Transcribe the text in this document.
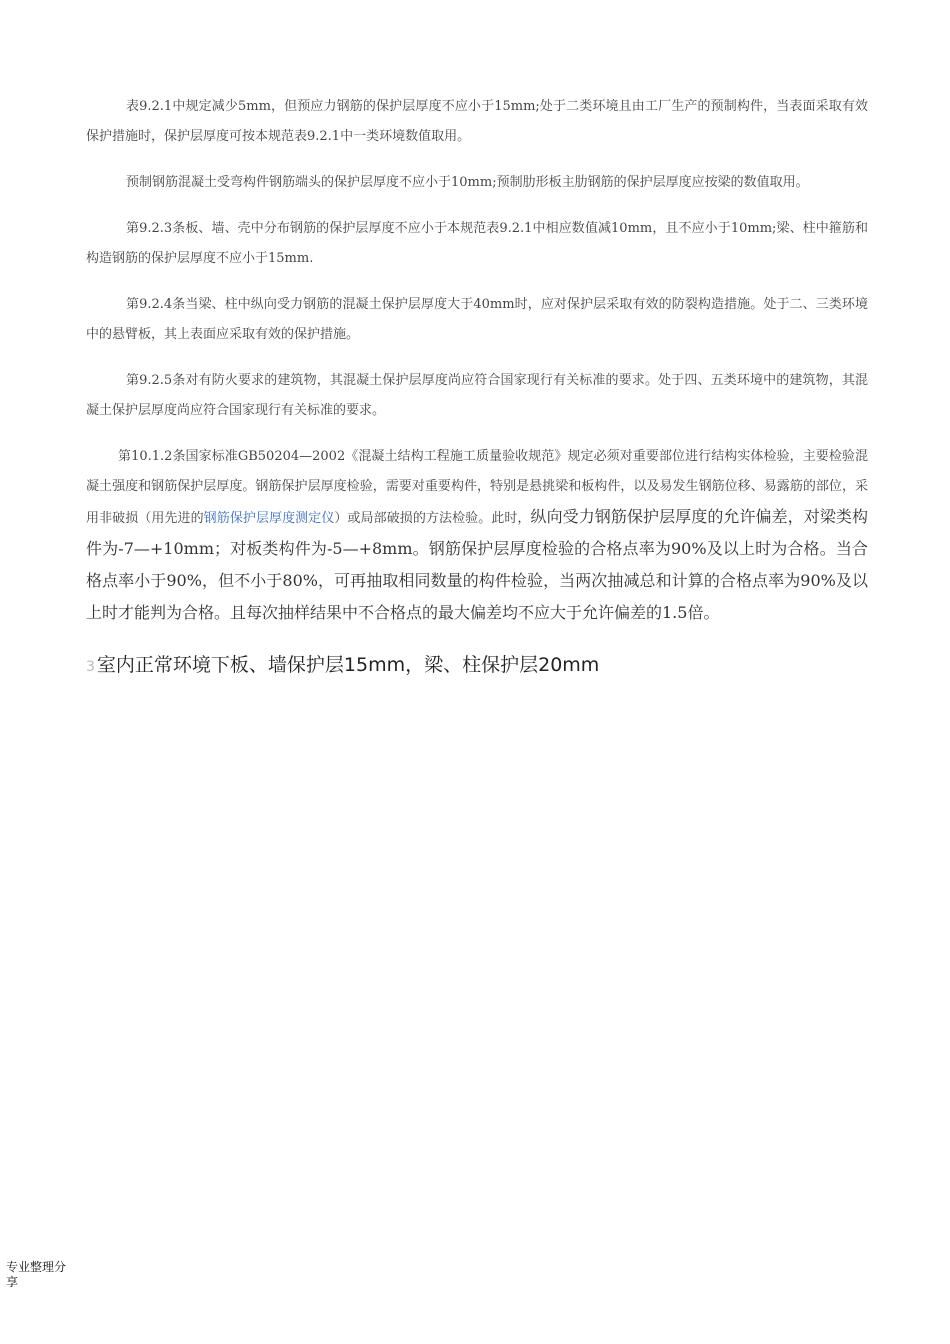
表9.2.1中规定减少5mm，但预应力钢筋的保护层厚度不应小于15mm;处于二类环境且由工厂生产的预制构件，当表面采取有效保护措施时，保护层厚度可按本规范表9.2.1中一类环境数值取用。

预制钢筋混凝土受弯构件钢筋端头的保护层厚度不应小于10mm;预制肋形板主肋钢筋的保护层厚度应按梁的数值取用。

第9.2.3条板、墙、壳中分布钢筋的保护层厚度不应小于本规范表9.2.1中相应数值减10mm，且不应小于10mm;梁、柱中箍筋和构造钢筋的保护层厚度不应小于15mm.

第9.2.4条当梁、柱中纵向受力钢筋的混凝土保护层厚度大于40mm时，应对保护层采取有效的防裂构造措施。处于二、三类环境中的悬臂板，其上表面应采取有效的保护措施。

第9.2.5条对有防火要求的建筑物，其混凝土保护层厚度尚应符合国家现行有关标准的要求。处于四、五类环境中的建筑物，其混凝土保护层厚度尚应符合国家现行有关标准的要求。

第10.1.2条国家标准GB50204—2002《混凝土结构工程施工质量验收规范》规定必须对重要部位进行结构实体检验，主要检验混凝土强度和钢筋保护层厚度。钢筋保护层厚度检验，需要对重要构件，特别是悬挑梁和板构件，以及易发生钢筋位移、易露筋的部位，采用非破损（用先进的钢筋保护层厚度测定仪）或局部破损的方法检验。此时，纵向受力钢筋保护层厚度的允许偏差，对梁类构件为-7—+10mm；对板类构件为-5—+8mm。钢筋保护层厚度检验的合格点率为90%及以上时为合格。当合格点率小于90%，但不小于80%，可再抽取相同数量的构件检验，当两次抽减总和计算的合格点率为90%及以上时才能判为合格。且每次抽样结果中不合格点的最大偏差均不应大于允许偏差的1.5倍。

3 室内正常环境下板、墙保护层15mm，梁、柱保护层20mm
专业整理分享
